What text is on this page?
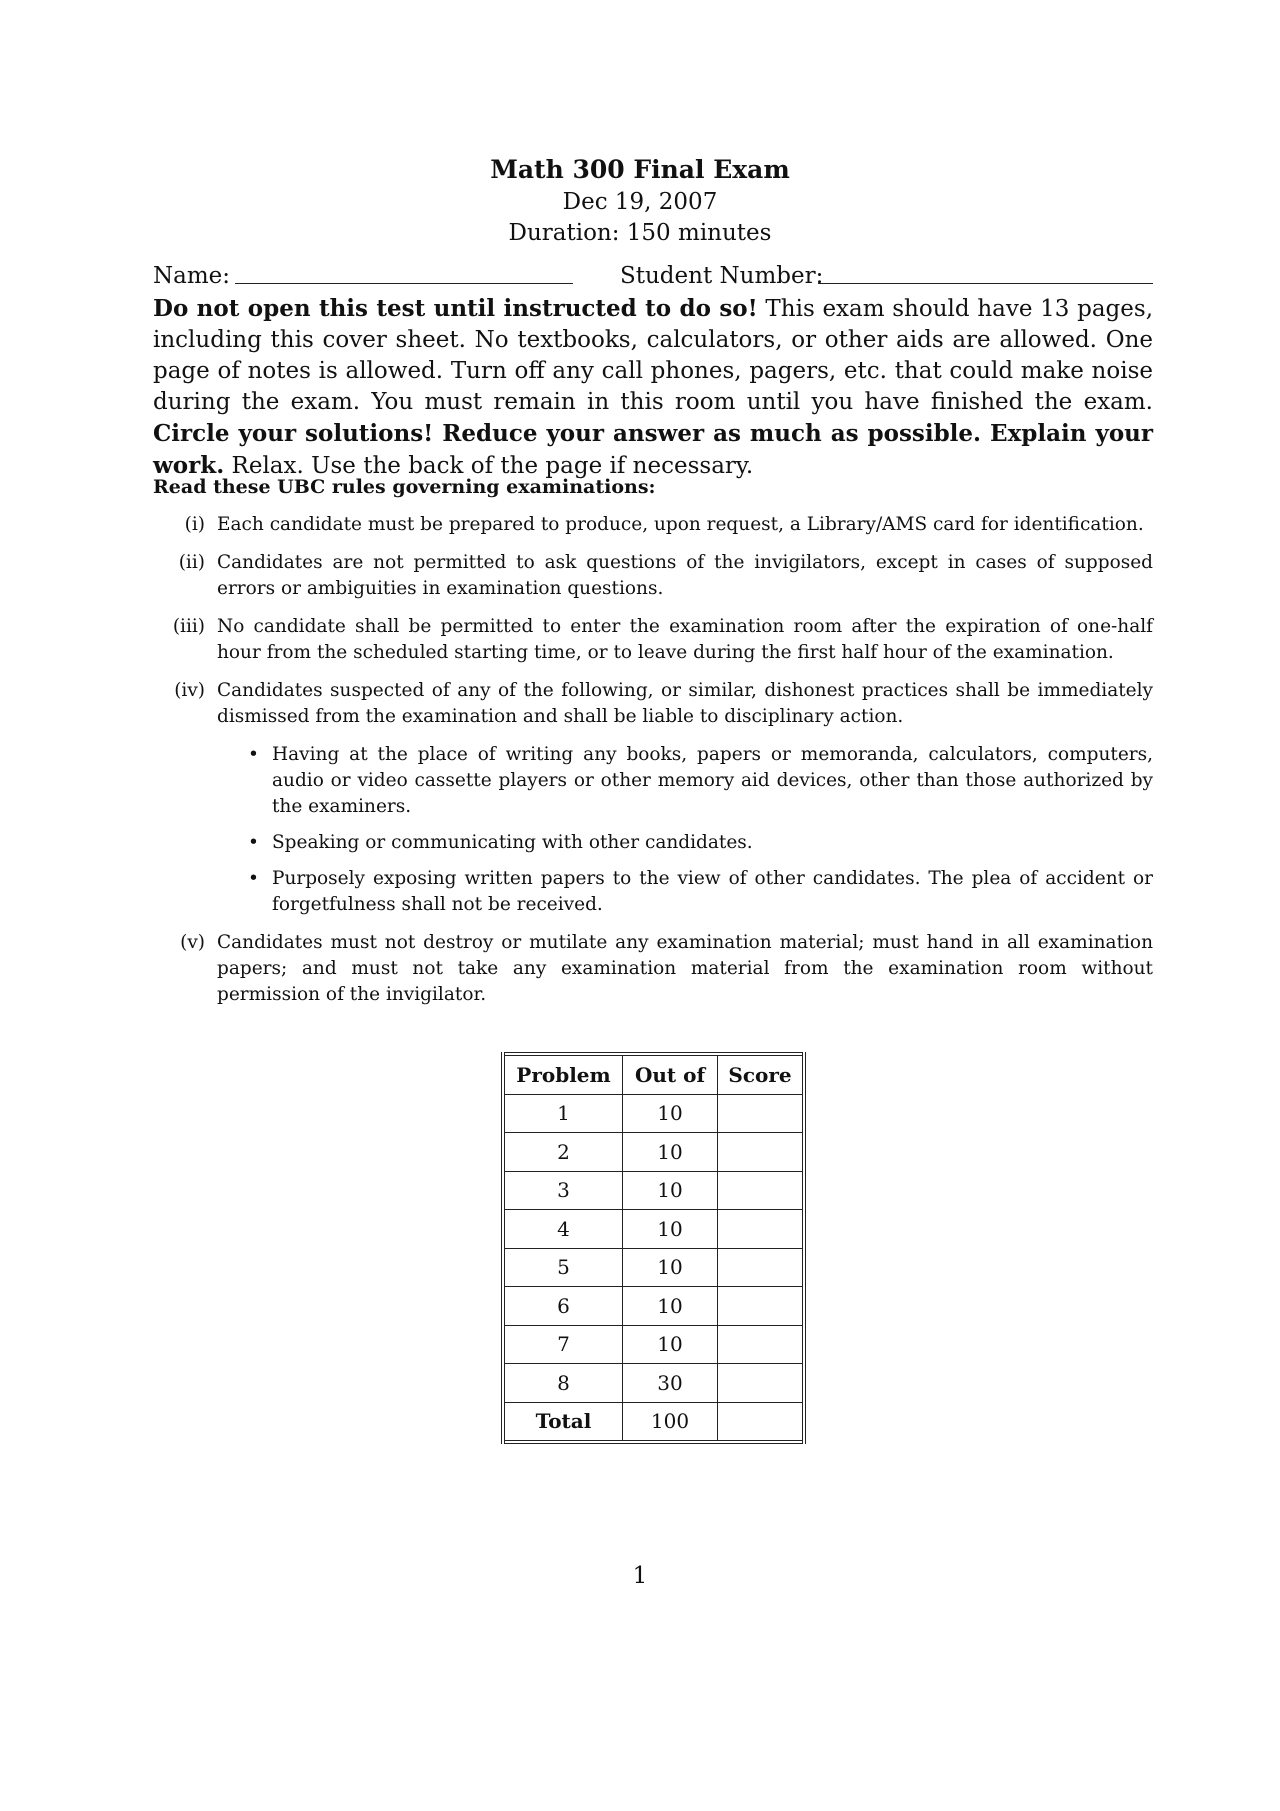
Math 300 Final Exam
Dec 19, 2007
Duration: 150 minutes
Name:	Student Number:
Do not open this test until instructed to do so! This exam should have 13 pages, including this cover sheet. No textbooks, calculators, or other aids are allowed. One page of notes is allowed. Turn off any call phones, pagers, etc. that could make noise during the exam. You must remain in this room until you have finished the exam. Circle your solutions! Reduce your answer as much as possible. Explain your work. Relax. Use the back of the page if necessary.
Read these UBC rules governing examinations:
(i) Each candidate must be prepared to produce, upon request, a Library/AMS card for identification.
(ii) Candidates are not permitted to ask questions of the invigilators, except in cases of supposed errors or ambiguities in examination questions.
(iii) No candidate shall be permitted to enter the examination room after the expiration of one-half hour from the scheduled starting time, or to leave during the first half hour of the examination.
(iv) Candidates suspected of any of the following, or similar, dishonest practices shall be immediately dismissed from the examination and shall be liable to disciplinary action.
• Having at the place of writing any books, papers or memoranda, calculators, computers, audio or video cassette players or other memory aid devices, other than those authorized by the examiners.
• Speaking or communicating with other candidates.
• Purposely exposing written papers to the view of other candidates. The plea of accident or forgetfulness shall not be received.
(v) Candidates must not destroy or mutilate any examination material; must hand in all examination papers; and must not take any examination material from the examination room without permission of the invigilator.
Problem	Out of	Score
1	10	
2	10	
3	10	
4	10	
5	10	
6	10	
7	10	
8	30	
Total	100	
1
